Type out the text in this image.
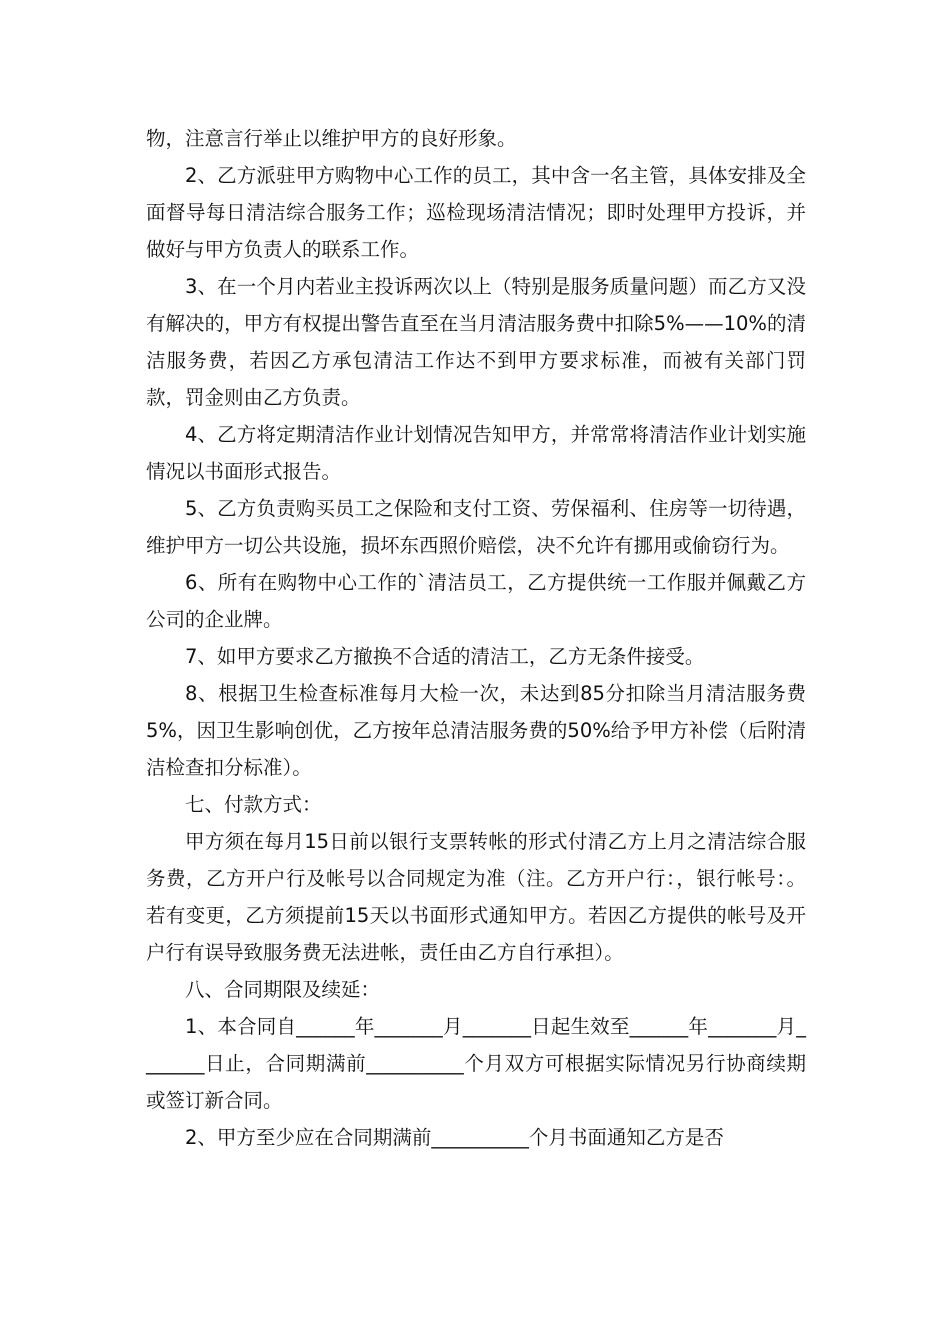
物，注意言行举止以维护甲方的良好形象。

2、乙方派驻甲方购物中心工作的员工，其中含一名主管，具体安排及全面督导每日清洁综合服务工作；巡检现场清洁情况；即时处理甲方投诉，并做好与甲方负责人的联系工作。

3、在一个月内若业主投诉两次以上（特别是服务质量问题）而乙方又没有解决的，甲方有权提出警告直至在当月清洁服务费中扣除5%——10%的清洁服务费，若因乙方承包清洁工作达不到甲方要求标准，而被有关部门罚款，罚金则由乙方负责。

4、乙方将定期清洁作业计划情况告知甲方，并常常将清洁作业计划实施情况以书面形式报告。

5、乙方负责购买员工之保险和支付工资、劳保福利、住房等一切待遇，维护甲方一切公共设施，损坏东西照价赔偿，决不允许有挪用或偷窃行为。

6、所有在购物中心工作的`清洁员工，乙方提供统一工作服并佩戴乙方公司的企业牌。

7、如甲方要求乙方撤换不合适的清洁工，乙方无条件接受。

8、根据卫生检查标准每月大检一次，未达到85分扣除当月清洁服务费5%，因卫生影响创优，乙方按年总清洁服务费的50%给予甲方补偿（后附清洁检查扣分标准）。

七、付款方式：

甲方须在每月15日前以银行支票转帐的形式付清乙方上月之清洁综合服务费，乙方开户行及帐号以合同规定为准（注。乙方开户行：，银行帐号：。若有变更，乙方须提前15天以书面形式通知甲方。若因乙方提供的帐号及开户行有误导致服务费无法进帐，责任由乙方自行承担）。

八、合同期限及续延：

1、本合同自______年_______月_______日起生效至______年_______月_______日止，合同期满前__________个月双方可根据实际情况另行协商续期或签订新合同。

2、甲方至少应在合同期满前__________个月书面通知乙方是否
